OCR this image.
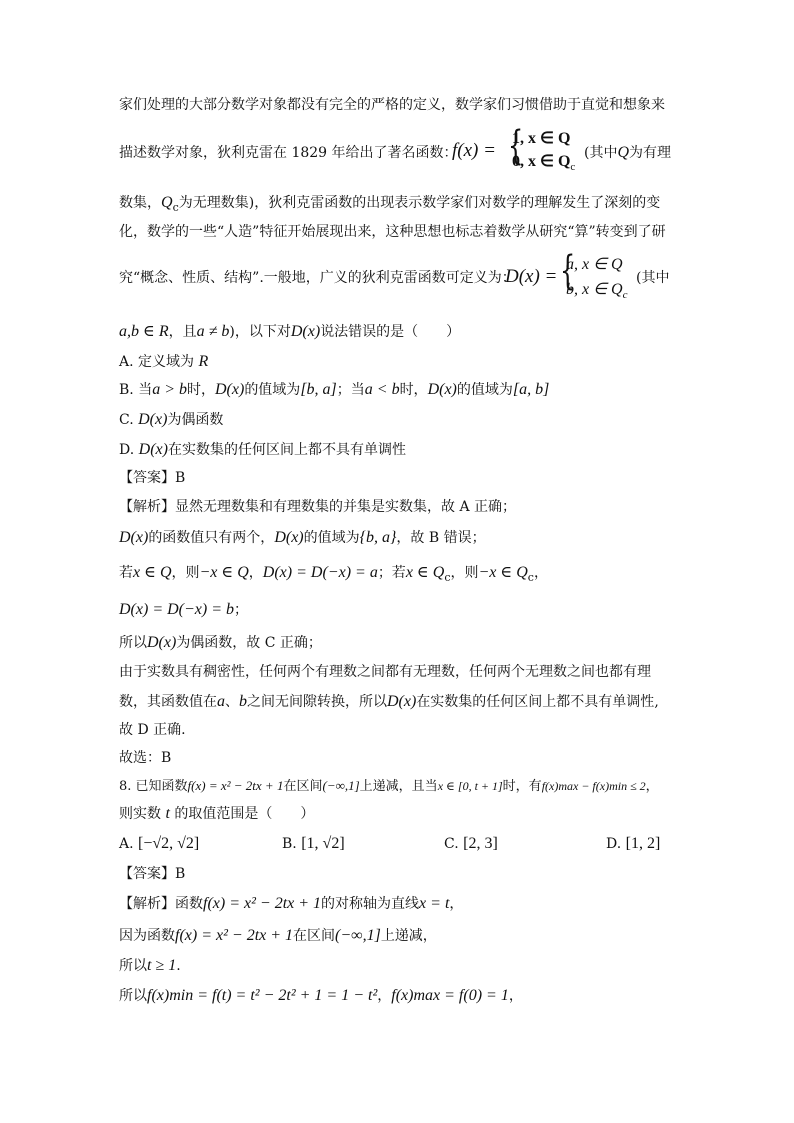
家们处理的大部分数学对象都没有完全的严格的定义，数学家们习惯借助于直觉和想象来
描述数学对象，狄利克雷在 1829 年给出了著名函数：
f(x) = {
1, x ∈ Q
0, x ∈ $Q_c$
(其中Q为有理
数集，$Q_c$为无理数集)，狄利克雷函数的出现表示数学家们对数学的理解发生了深刻的变
化，数学的一些“人造”特征开始展现出来，这种思想也标志着数学从研究“算”转变到了研
究“概念、性质、结构”.一般地，广义的狄利克雷函数可定义为：
D(x) = {
a, x ∈ Q
b, x ∈ $Q_c$
(其中
a,b ∈ R，且a ≠ b)，以下对D(x)说法错误的是（　　）
A. 定义域为 R
B. 当a > b时，D(x)的值域为[b, a]；当a < b时，D(x)的值域为[a, b]
C. D(x)为偶函数
D. D(x)在实数集的任何区间上都不具有单调性
【答案】B
【解析】显然无理数集和有理数集的并集是实数集，故 A 正确；
D(x)的函数值只有两个，D(x)的值域为{b, a}，故 B 错误；
若x ∈ Q，则−x ∈ Q，D(x) = D(−x) = a；若x ∈ $Q_c$，则−x ∈ $Q_c$，
D(x) = D(−x) = b；
所以D(x)为偶函数，故 C 正确；
由于实数具有稠密性，任何两个有理数之间都有无理数，任何两个无理数之间也都有理
数，其函数值在a、b之间无间隙转换，所以D(x)在实数集的任何区间上都不具有单调性,
故 D 正确.
故选：B
8. 已知函数f(x) = x² − 2tx + 1在区间(−∞,1]上递减，且当x ∈ [0, t + 1]时，有f(x)max − f(x)min ≤ 2，
则实数 t 的取值范围是（　　）
A. [−√2, √2]	B. [1, √2]	C. [2, 3]	D. [1, 2]
【答案】B
【解析】函数f(x) = x² − 2tx + 1的对称轴为直线x = t，
因为函数f(x) = x² − 2tx + 1在区间(−∞,1]上递减，
所以t ≥ 1.
所以f(x)min = f(t) = t² − 2t² + 1 = 1 − t²，f(x)max = f(0) = 1，
